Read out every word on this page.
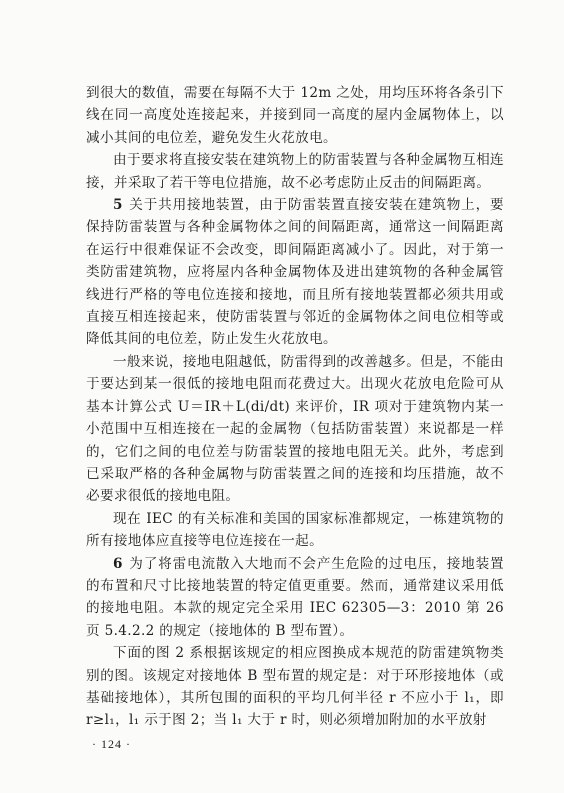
到很大的数值，需要在每隔不大于 12m 之处，用均压环将各条引下线在同一高度处连接起来，并接到同一高度的屋内金属物体上，以减小其间的电位差，避免发生火花放电。

由于要求将直接安装在建筑物上的防雷装置与各种金属物互相连接，并采取了若干等电位措施，故不必考虑防止反击的间隔距离。

5 关于共用接地装置，由于防雷装置直接安装在建筑物上，要保持防雷装置与各种金属物体之间的间隔距离，通常这一间隔距离在运行中很难保证不会改变，即间隔距离减小了。因此，对于第一类防雷建筑物，应将屋内各种金属物体及进出建筑物的各种金属管线进行严格的等电位连接和接地，而且所有接地装置都必须共用或直接互相连接起来，使防雷装置与邻近的金属物体之间电位相等或降低其间的电位差，防止发生火花放电。

一般来说，接地电阻越低，防雷得到的改善越多。但是，不能由于要达到某一很低的接地电阻而花费过大。出现火花放电危险可从基本计算公式 U＝IR＋L(di/dt) 来评价，IR 项对于建筑物内某一小范围中互相连接在一起的金属物（包括防雷装置）来说都是一样的，它们之间的电位差与防雷装置的接地电阻无关。此外，考虑到已采取严格的各种金属物与防雷装置之间的连接和均压措施，故不必要求很低的接地电阻。

现在 IEC 的有关标准和美国的国家标准都规定，一栋建筑物的所有接地体应直接等电位连接在一起。

6 为了将雷电流散入大地而不会产生危险的过电压，接地装置的布置和尺寸比接地装置的特定值更重要。然而，通常建议采用低的接地电阻。本款的规定完全采用 IEC 62305—3：2010 第 26 页 5.4.2.2 的规定（接地体的 B 型布置）。

下面的图 2 系根据该规定的相应图换成本规范的防雷建筑物类别的图。该规定对接地体 B 型布置的规定是：对于环形接地体（或基础接地体），其所包围的面积的平均几何半径 r 不应小于 l₁，即 r≥l₁，l₁ 示于图 2；当 l₁ 大于 r 时，则必须增加附加的水平放射

· 124 ·
